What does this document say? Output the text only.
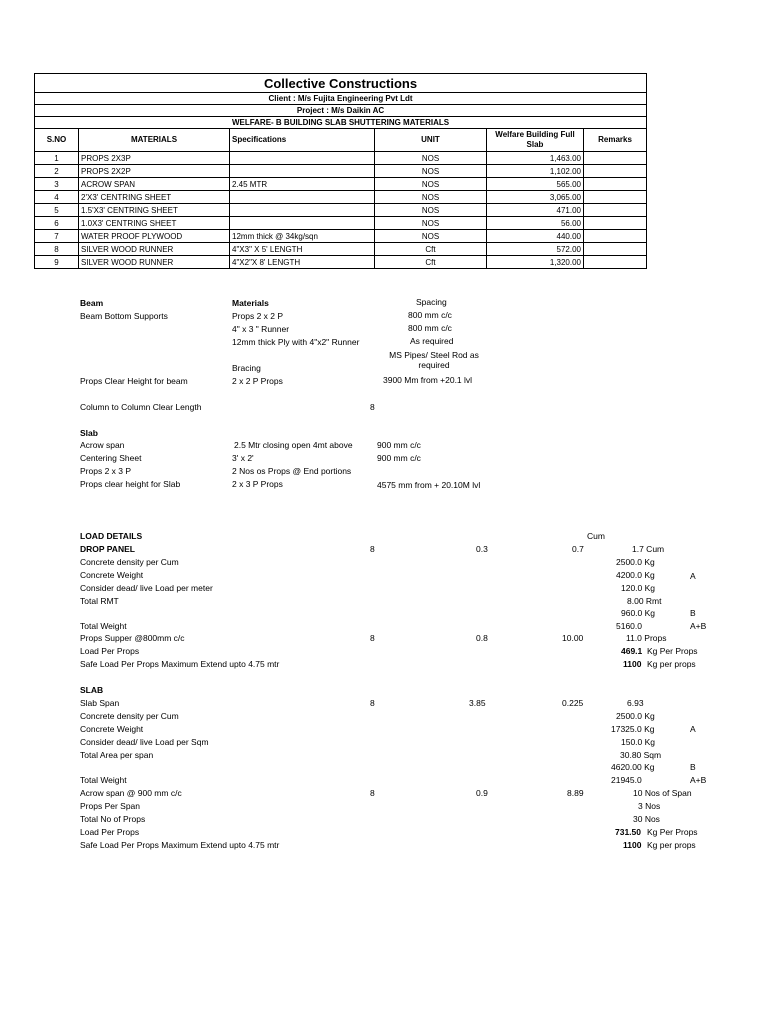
Collective Constructions					
Client : M/s Fujita Engineering Pvt Ldt					
Project : M/s Daikin AC					
WELFARE- B BUILDING SLAB SHUTTERING MATERIALS					
S.NO	MATERIALS	Specifications	UNIT	Welfare Building Full Slab	Remarks
1	PROPS 2X3P		NOS	1,463.00	
2	PROPS 2X2P		NOS	1,102.00	
3	ACROW SPAN	2.45 MTR	NOS	565.00	
4	2'X3' CENTRING SHEET		NOS	3,065.00	
5	1.5'X3' CENTRING SHEET		NOS	471.00	
6	1.0X3' CENTRING SHEET		NOS	56.00	
7	WATER PROOF PLYWOOD	12mm thick @ 34kg/sqn	NOS	440.00	
8	SILVER WOOD RUNNER	4"X3" X 5' LENGTH	Cft	572.00	
9	SILVER WOOD RUNNER	4"X2"X 8' LENGTH	Cft	1,320.00	
Beam	Materials	Spacing
Beam Bottom Supports	Props 2 x 2 P	800 mm c/c
4" x 3 " Runner	800 mm c/c
12mm thick Ply with 4"x2" Runner	As required
MS Pipes/ Steel Rod as required
Bracing
Props Clear Height for beam	2 x 2 P Props	3900 Mm from +20.1 lvl
Column to Column Clear Length	8
Slab
Acrow span	2.5 Mtr closing open 4mt above	900 mm c/c
Centering Sheet	3' x 2'	900 mm c/c
Props 2 x 3 P	2 Nos os Props @ End portions
Props clear height for Slab	2 x 3 P Props	4575 mm from + 20.10M lvl
LOAD DETAILS	Cum
DROP PANEL	8	0.3	0.7	1.7 Cum
Concrete density per Cum	2500.0 Kg
Concrete Weight	4200.0 Kg	A
Consider dead/ live Load per meter	120.0 Kg
Total RMT	8.00 Rmt
960.0 Kg	B
Total Weight	5160.0	A+B
Props Supper @800mm c/c	8	0.8	10.00	11.0 Props
Load Per Props	469.1 Kg Per Props
Safe Load Per Props Maximum Extend upto 4.75 mtr	1100 Kg per props
SLAB
Slab Span	8	3.85	0.225	6.93
Concrete density per Cum	2500.0 Kg
Concrete Weight	17325.0 Kg	A
Consider dead/ live Load per Sqm	150.0 Kg
Total Area per span	30.80 Sqm
4620.00 Kg	B
Total Weight	21945.0	A+B
Acrow span @ 900 mm c/c	8	0.9	8.89	10 Nos of Span
Props Per Span	3 Nos
Total No of Props	30 Nos
Load Per Props	731.50 Kg Per Props
Safe Load Per Props Maximum Extend upto 4.75 mtr	1100 Kg per props
